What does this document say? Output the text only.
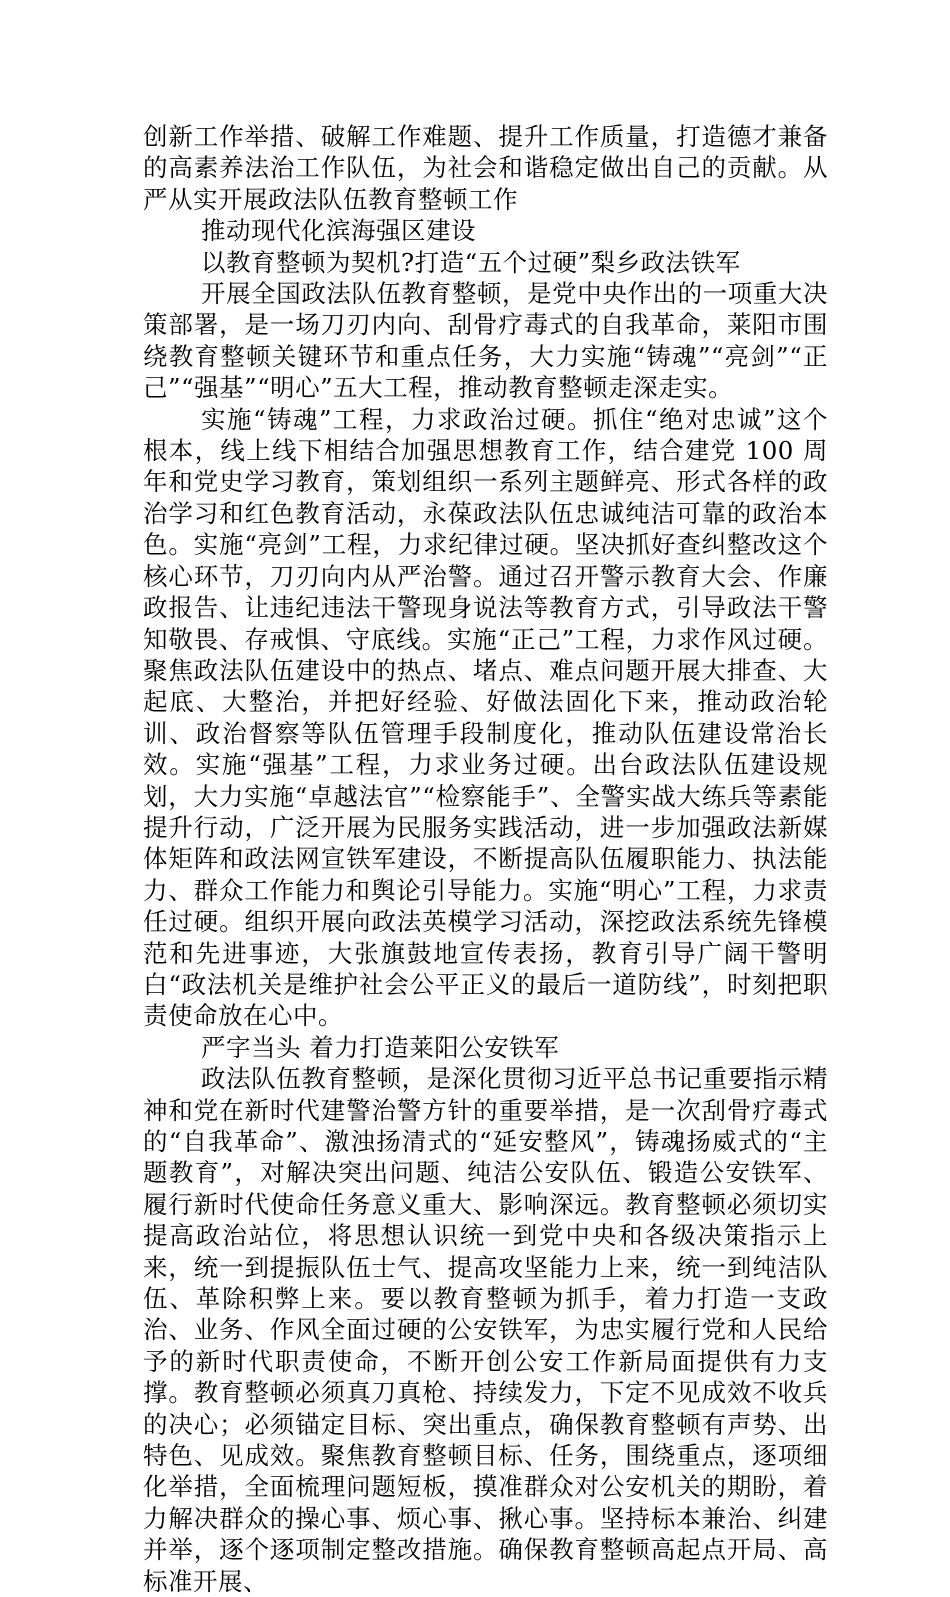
创新工作举措、破解工作难题、提升工作质量，打造德才兼备的高素养法治工作队伍，为社会和谐稳定做出自己的贡献。从严从实开展政法队伍教育整顿工作

推动现代化滨海强区建设

以教育整顿为契机?打造“五个过硬”梨乡政法铁军

开展全国政法队伍教育整顿，是党中央作出的一项重大决策部署，是一场刀刃内向、刮骨疗毒式的自我革命，莱阳市围绕教育整顿关键环节和重点任务，大力实施“铸魂”“亮剑”“正己”“强基”“明心”五大工程，推动教育整顿走深走实。

实施“铸魂”工程，力求政治过硬。抓住“绝对忠诚”这个根本，线上线下相结合加强思想教育工作，结合建党 100 周年和党史学习教育，策划组织一系列主题鲜亮、形式各样的政治学习和红色教育活动，永葆政法队伍忠诚纯洁可靠的政治本色。实施“亮剑”工程，力求纪律过硬。坚决抓好查纠整改这个核心环节，刀刃向内从严治警。通过召开警示教育大会、作廉政报告、让违纪违法干警现身说法等教育方式，引导政法干警知敬畏、存戒惧、守底线。实施“正己”工程，力求作风过硬。聚焦政法队伍建设中的热点、堵点、难点问题开展大排查、大起底、大整治，并把好经验、好做法固化下来，推动政治轮训、政治督察等队伍管理手段制度化，推动队伍建设常治长效。实施“强基”工程，力求业务过硬。出台政法队伍建设规划，大力实施“卓越法官”“检察能手”、全警实战大练兵等素能提升行动，广泛开展为民服务实践活动，进一步加强政法新媒体矩阵和政法网宣铁军建设，不断提高队伍履职能力、执法能力、群众工作能力和舆论引导能力。实施“明心”工程，力求责任过硬。组织开展向政法英模学习活动，深挖政法系统先锋模范和先进事迹，大张旗鼓地宣传表扬，教育引导广阔干警明白“政法机关是维护社会公平正义的最后一道防线”，时刻把职责使命放在心中。

严字当头 着力打造莱阳公安铁军

政法队伍教育整顿，是深化贯彻习近平总书记重要指示精神和党在新时代建警治警方针的重要举措，是一次刮骨疗毒式的“自我革命”、激浊扬清式的“延安整风”，铸魂扬威式的“主题教育”，对解决突出问题、纯洁公安队伍、锻造公安铁军、履行新时代使命任务意义重大、影响深远。教育整顿必须切实提高政治站位，将思想认识统一到党中央和各级决策指示上来，统一到提振队伍士气、提高攻坚能力上来，统一到纯洁队伍、革除积弊上来。要以教育整顿为抓手，着力打造一支政治、业务、作风全面过硬的公安铁军，为忠实履行党和人民给予的新时代职责使命，不断开创公安工作新局面提供有力支撑。教育整顿必须真刀真枪、持续发力，下定不见成效不收兵的决心；必须锚定目标、突出重点，确保教育整顿有声势、出特色、见成效。聚焦教育整顿目标、任务，围绕重点，逐项细化举措，全面梳理问题短板，摸准群众对公安机关的期盼，着力解决群众的操心事、烦心事、揪心事。坚持标本兼治、纠建并举，逐个逐项制定整改措施。确保教育整顿高起点开局、高标准开展、
